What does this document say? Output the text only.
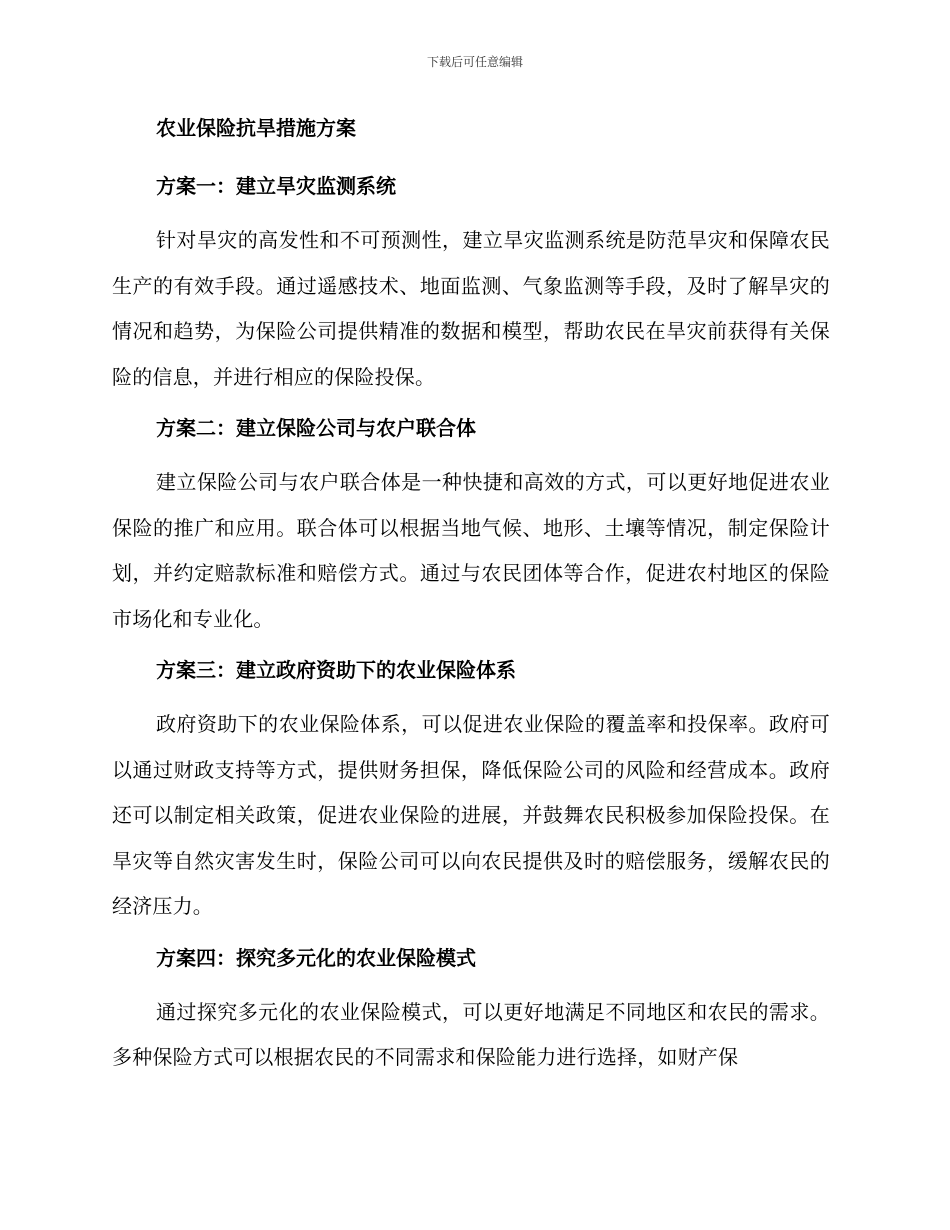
下载后可任意编辑
农业保险抗旱措施方案
方案一：建立旱灾监测系统

针对旱灾的高发性和不可预测性，建立旱灾监测系统是防范旱灾和保障农民生产的有效手段。通过遥感技术、地面监测、气象监测等手段，及时了解旱灾的情况和趋势，为保险公司提供精准的数据和模型，帮助农民在旱灾前获得有关保险的信息，并进行相应的保险投保。

方案二：建立保险公司与农户联合体

建立保险公司与农户联合体是一种快捷和高效的方式，可以更好地促进农业保险的推广和应用。联合体可以根据当地气候、地形、土壤等情况，制定保险计划，并约定赔款标准和赔偿方式。通过与农民团体等合作，促进农村地区的保险市场化和专业化。

方案三：建立政府资助下的农业保险体系

政府资助下的农业保险体系，可以促进农业保险的覆盖率和投保率。政府可以通过财政支持等方式，提供财务担保，降低保险公司的风险和经营成本。政府还可以制定相关政策，促进农业保险的进展，并鼓舞农民积极参加保险投保。在旱灾等自然灾害发生时，保险公司可以向农民提供及时的赔偿服务，缓解农民的经济压力。

方案四：探究多元化的农业保险模式

通过探究多元化的农业保险模式，可以更好地满足不同地区和农民的需求。多种保险方式可以根据农民的不同需求和保险能力进行选择，如财产保
